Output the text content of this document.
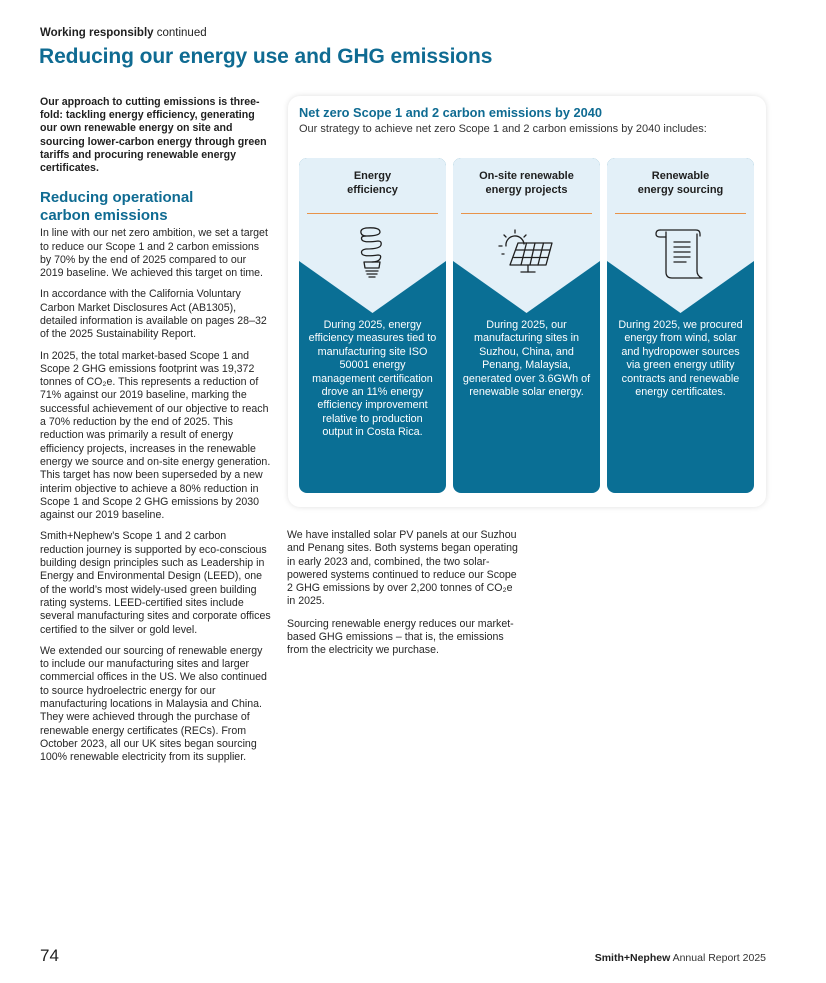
Working responsibly continued
Reducing our energy use and GHG emissions

Our approach to cutting emissions is three-fold: tackling energy efficiency, generating our own renewable energy on site and sourcing lower-carbon energy through green tariffs and procuring renewable energy certificates.

Reducing operational
carbon emissions

In line with our net zero ambition, we set a target to reduce our Scope 1 and 2 carbon emissions by 70% by the end of 2025 compared to our 2019 baseline. We achieved this target on time.

In accordance with the California Voluntary Carbon Market Disclosures Act (AB1305), detailed information is available on pages 28–32 of the 2025 Sustainability Report.

In 2025, the total market-based Scope 1 and Scope 2 GHG emissions footprint was 19,372 tonnes of CO₂e. This represents a reduction of 71% against our 2019 baseline, marking the successful achievement of our objective to reach a 70% reduction by the end of 2025. This reduction was primarily a result of energy efficiency projects, increases in the renewable energy we source and on-site energy generation. This target has now been superseded by a new interim objective to achieve a 80% reduction in Scope 1 and Scope 2 GHG emissions by 2030 against our 2019 baseline.

Smith+Nephew’s Scope 1 and 2 carbon reduction journey is supported by eco-conscious building design principles such as Leadership in Energy and Environmental Design (LEED), one of the world’s most widely-used green building rating systems. LEED-certified sites include several manufacturing sites and corporate offices certified to the silver or gold level.

We extended our sourcing of renewable energy to include our manufacturing sites and larger commercial offices in the US. We also continued to source hydroelectric energy for our manufacturing locations in Malaysia and China. They were achieved through the purchase of renewable energy certificates (RECs). From October 2023, all our UK sites began sourcing 100% renewable electricity from its supplier.

Net zero Scope 1 and 2 carbon emissions by 2040
Our strategy to achieve net zero Scope 1 and 2 carbon emissions by 2040 includes:
Energy
efficiency
During 2025, energy efficiency measures tied to manufacturing site ISO 50001 energy management certification drove an 11% energy efficiency improvement relative to production output in Costa Rica.
On-site renewable
energy projects
During 2025, our manufacturing sites in Suzhou, China, and Penang, Malaysia, generated over 3.6GWh of renewable solar energy.
Renewable
energy sourcing
During 2025, we procured energy from wind, solar and hydropower sources via green energy utility contracts and renewable energy certificates.

We have installed solar PV panels at our Suzhou and Penang sites. Both systems began operating in early 2023 and, combined, the two solar-powered systems continued to reduce our Scope 2 GHG emissions by over 2,200 tonnes of CO₂e in 2025.

Sourcing renewable energy reduces our market-based GHG emissions – that is, the emissions from the electricity we purchase.

74	Smith+Nephew Annual Report 2025
